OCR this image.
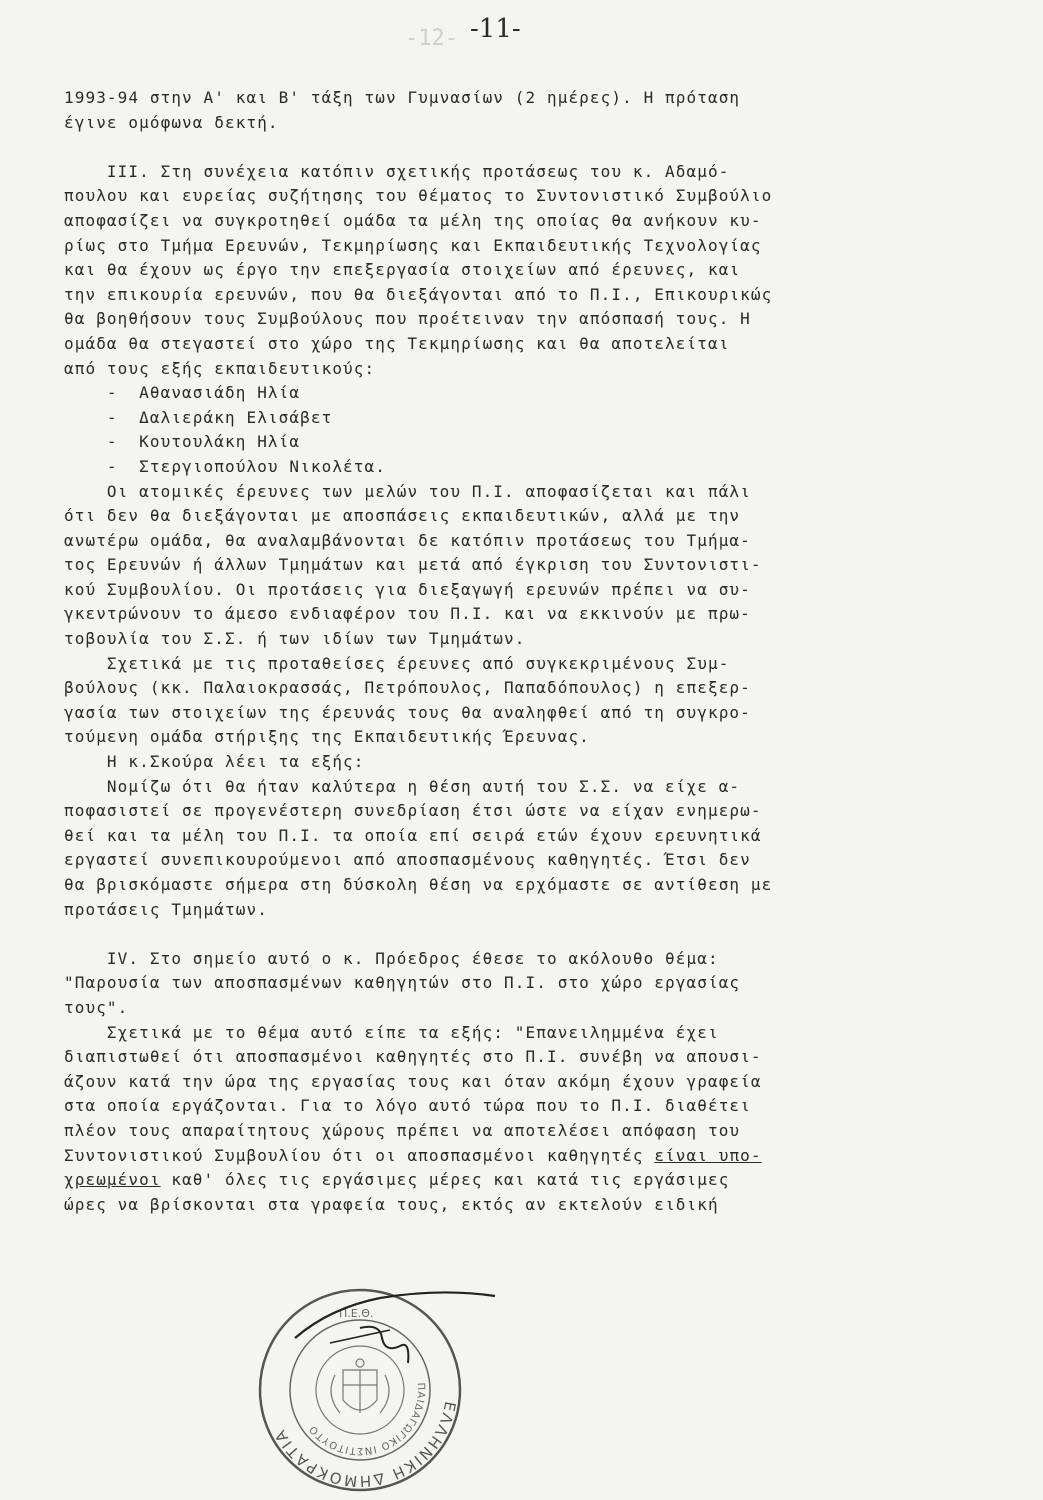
-12- -11-
1993-94 στην Α' και Β' τάξη των Γυμνασίων (2 ημέρες). Η πρόταση
έγινε ομόφωνα δεκτή.
III. Στη συνέχεια κατόπιν σχετικής προτάσεως του κ. Αδαμό-
πουλου και ευρείας συζήτησης του θέματος το Συντονιστικό Συμβούλιο
αποφασίζει να συγκροτηθεί ομάδα τα μέλη της οποίας θα ανήκουν κυ-
ρίως στο Τμήμα Ερευνών, Τεκμηρίωσης και Εκπαιδευτικής Τεχνολογίας
και θα έχουν ως έργο την επεξεργασία στοιχείων από έρευνες, και
την επικουρία ερευνών, που θα διεξάγονται από το Π.Ι., Επικουρικώς
θα βοηθήσουν τους Συμβούλους που προέτειναν την απόσπασή τους. Η
ομάδα θα στεγαστεί στο χώρο της Τεκμηρίωσης και θα αποτελείται
από τους εξής εκπαιδευτικούς:
-  Αθανασιάδη Ηλία
-  Δαλιεράκη Ελισάβετ
-  Κουτουλάκη Ηλία
-  Στεργιοπούλου Νικολέτα.
Οι ατομικές έρευνες των μελών του Π.Ι. αποφασίζεται και πάλι
ότι δεν θα διεξάγονται με αποσπάσεις εκπαιδευτικών, αλλά με την
ανωτέρω ομάδα, θα αναλαμβάνονται δε κατόπιν προτάσεως του Τμήμα-
τος Ερευνών ή άλλων Τμημάτων και μετά από έγκριση του Συντονιστι-
κού Συμβουλίου. Οι προτάσεις για διεξαγωγή ερευνών πρέπει να συ-
γκεντρώνουν το άμεσο ενδιαφέρον του Π.Ι. και να εκκινούν με πρω-
τοβουλία του Σ.Σ. ή των ιδίων των Τμημάτων.
Σχετικά με τις προταθείσες έρευνες από συγκεκριμένους Συμ-
βούλους (κκ. Παλαιοκρασσάς, Πετρόπουλος, Παπαδόπουλος) η επεξερ-
γασία των στοιχείων της έρευνάς τους θα αναληφθεί από τη συγκρο-
τούμενη ομάδα στήριξης της Εκπαιδευτικής Έρευνας.
Η κ.Σκούρα λέει τα εξής:
Νομίζω ότι θα ήταν καλύτερα η θέση αυτή του Σ.Σ. να είχε α-
ποφασιστεί σε προγενέστερη συνεδρίαση έτσι ώστε να είχαν ενημερω-
θεί και τα μέλη του Π.Ι. τα οποία επί σειρά ετών έχουν ερευνητικά
εργαστεί συνεπικουρούμενοι από αποσπασμένους καθηγητές. Έτσι δεν
θα βρισκόμαστε σήμερα στη δύσκολη θέση να ερχόμαστε σε αντίθεση με
προτάσεις Τμημάτων.
IV. Στο σημείο αυτό ο κ. Πρόεδρος έθεσε το ακόλουθο θέμα:
"Παρουσία των αποσπασμένων καθηγητών στο Π.Ι. στο χώρο εργασίας
τους".
Σχετικά με το θέμα αυτό είπε τα εξής: "Επανειλημμένα έχει
διαπιστωθεί ότι αποσπασμένοι καθηγητές στο Π.Ι. συνέβη να απουσι-
άζουν κατά την ώρα της εργασίας τους και όταν ακόμη έχουν γραφεία
στα οποία εργάζονται. Για το λόγο αυτό τώρα που το Π.Ι. διαθέτει
πλέον τους απαραίτητους χώρους πρέπει να αποτελέσει απόφαση του
Συντονιστικού Συμβουλίου ότι οι αποσπασμένοι καθηγητές είναι υπο-
χρεωμένοι καθ' όλες τις εργάσιμες μέρες και κατά τις εργάσιμες
ώρες να βρίσκονται στα γραφεία τους, εκτός αν εκτελούν ειδική
ΕΛΛΗΝΙΚΗ ΔΗΜΟΚΡΑΤΙΑ
ΠΑΙΔΑΓΩΓΙΚΟ ΙΝΣΤΙΤΟΥΤΟ
Π.Ε.Θ.
